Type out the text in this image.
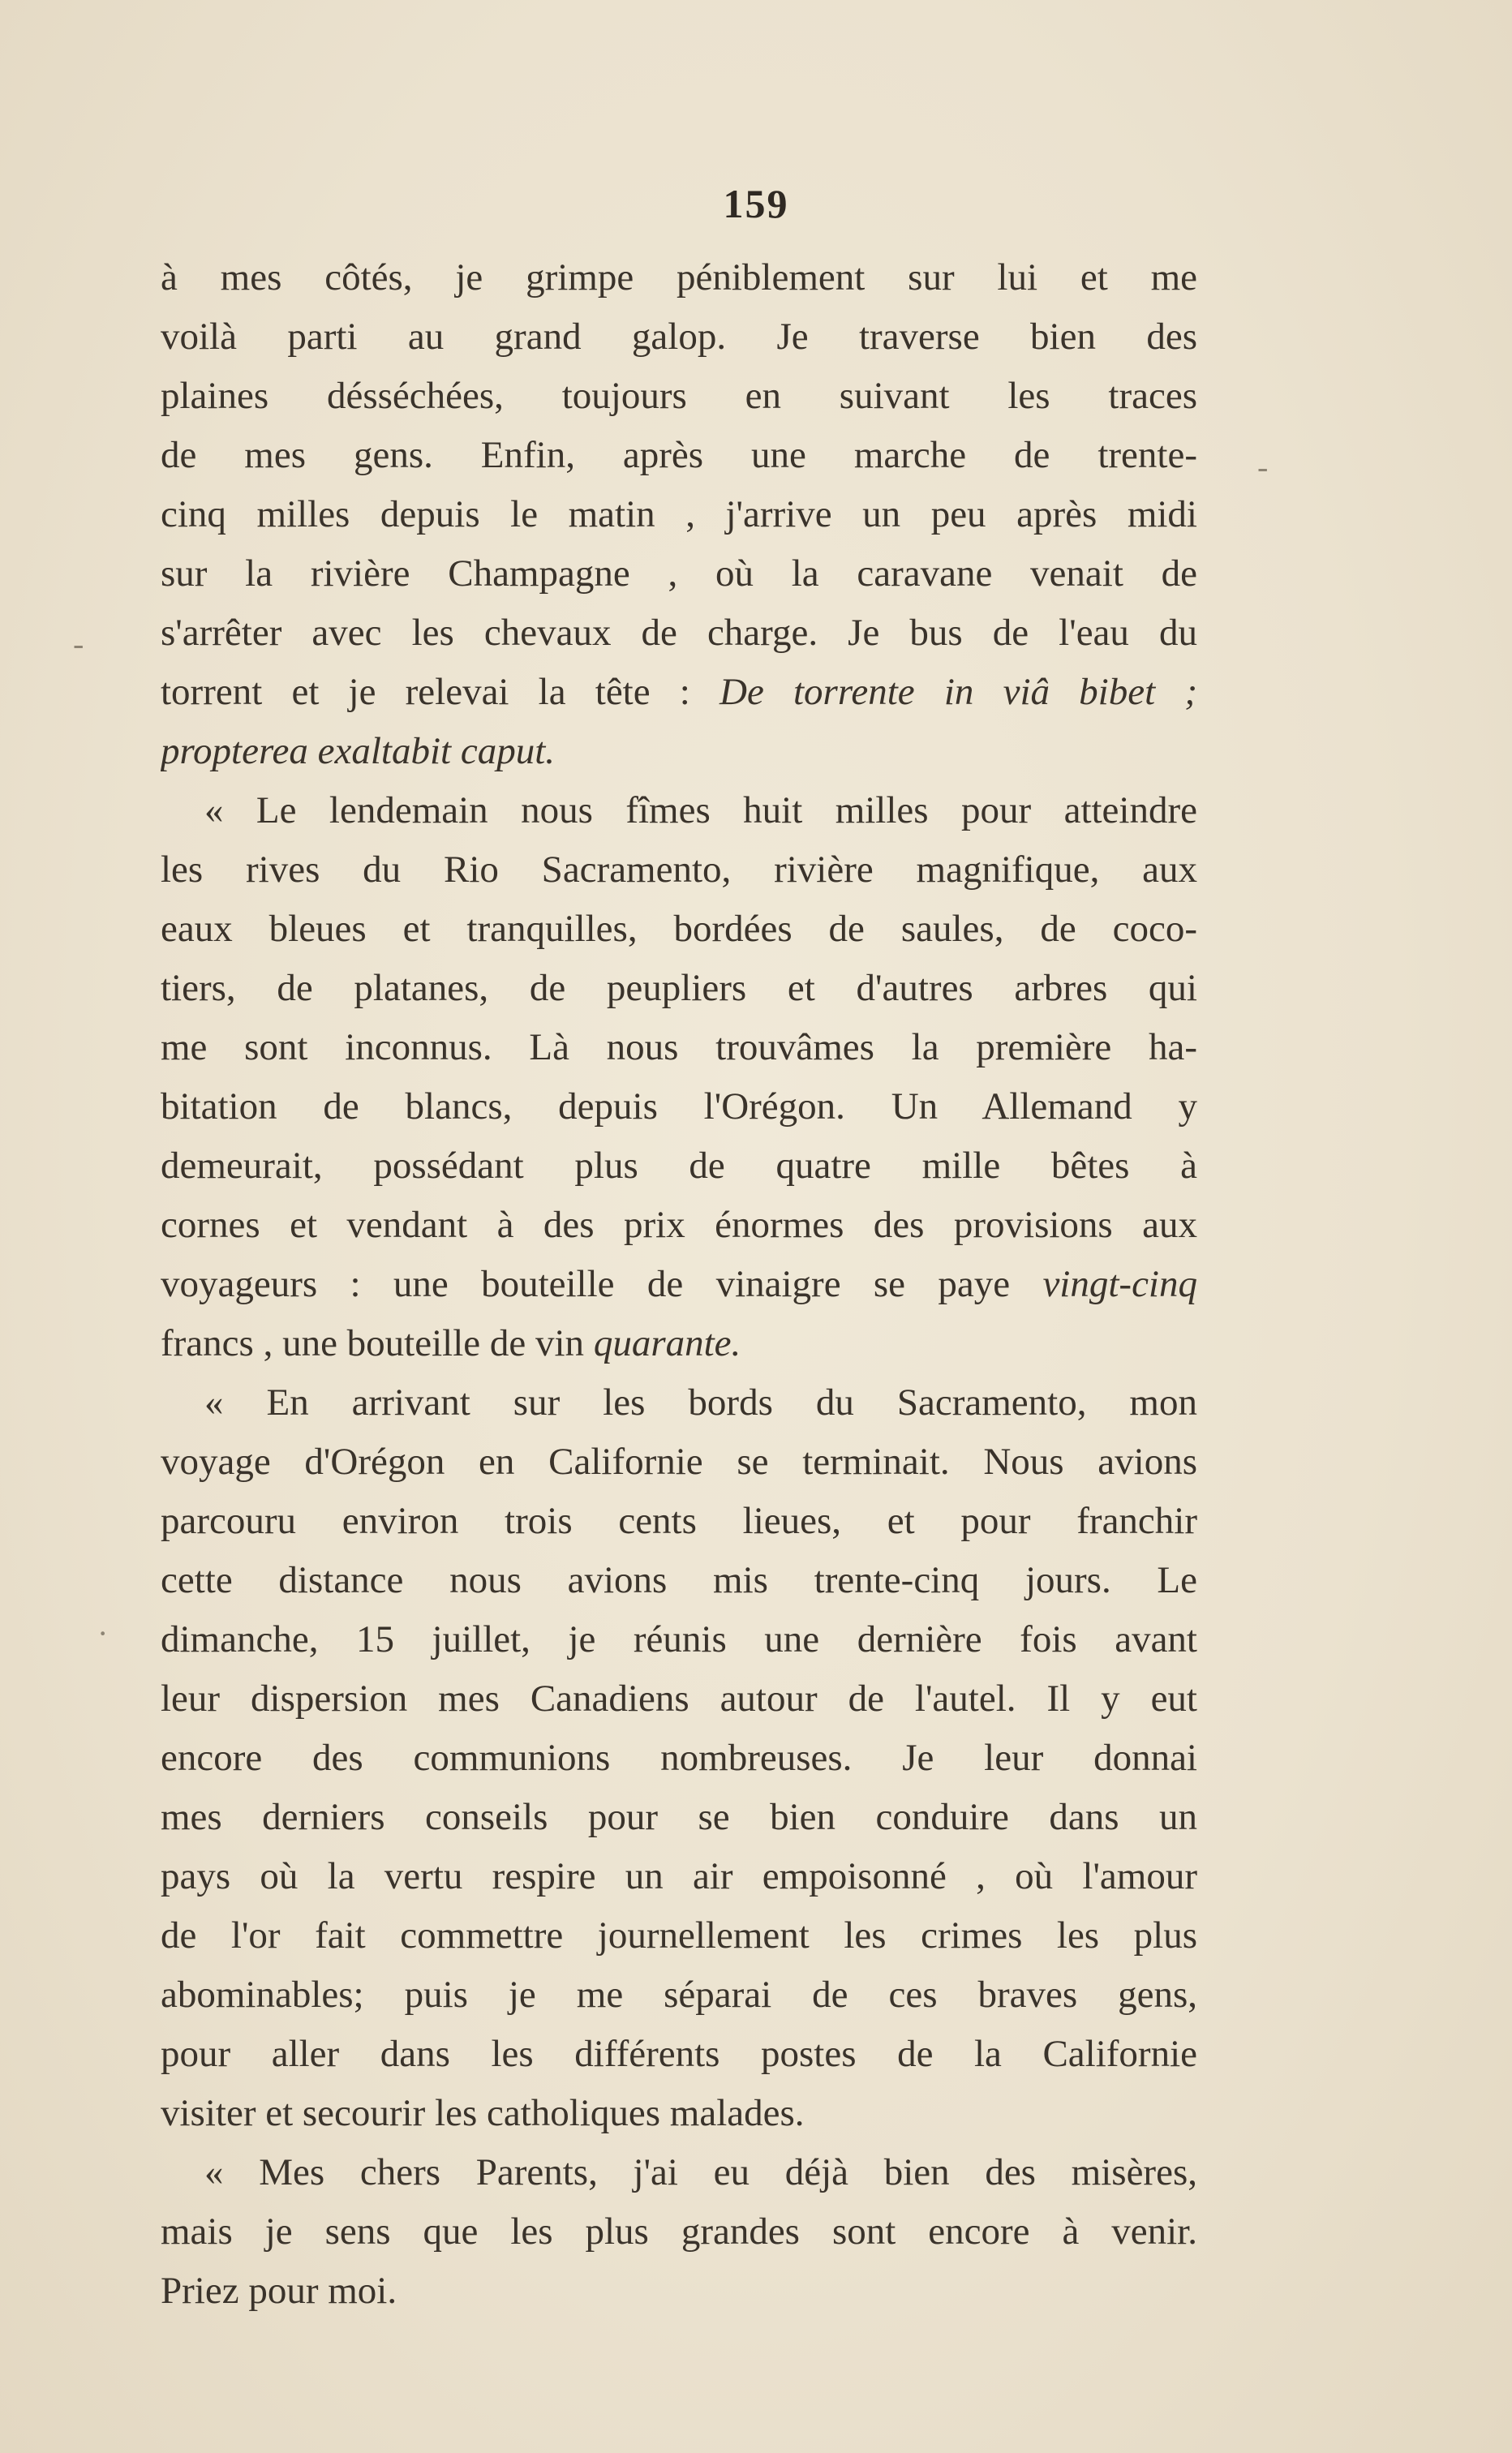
159
à mes côtés, je grimpe péniblement sur lui et me
voilà parti au grand galop. Je traverse bien des
plaines désséchées, toujours en suivant les traces
de mes gens. Enfin, après une marche de trente-
cinq milles depuis le matin , j'arrive un peu après midi
sur la rivière Champagne , où la caravane venait de
s'arrêter avec les chevaux de charge. Je bus de l'eau du
torrent et je relevai la tête : De torrente in viâ bibet ;
propterea exaltabit caput.
« Le lendemain nous fîmes huit milles pour atteindre
les rives du Rio Sacramento, rivière magnifique, aux
eaux bleues et tranquilles, bordées de saules, de coco-
tiers, de platanes, de peupliers et d'autres arbres qui
me sont inconnus. Là nous trouvâmes la première ha-
bitation de blancs, depuis l'Orégon. Un Allemand y
demeurait, possédant plus de quatre mille bêtes à
cornes et vendant à des prix énormes des provisions aux
voyageurs : une bouteille de vinaigre se paye vingt-cinq
francs , une bouteille de vin quarante.
« En arrivant sur les bords du Sacramento, mon
voyage d'Orégon en Californie se terminait. Nous avions
parcouru environ trois cents lieues, et pour franchir
cette distance nous avions mis trente-cinq jours. Le
dimanche, 15 juillet, je réunis une dernière fois avant
leur dispersion mes Canadiens autour de l'autel. Il y eut
encore des communions nombreuses. Je leur donnai
mes derniers conseils pour se bien conduire dans un
pays où la vertu respire un air empoisonné , où l'amour
de l'or fait commettre journellement les crimes les plus
abominables; puis je me séparai de ces braves gens,
pour aller dans les différents postes de la Californie
visiter et secourir les catholiques malades.
« Mes chers Parents, j'ai eu déjà bien des misères,
mais je sens que les plus grandes sont encore à venir.
Priez pour moi.
-
-
·
